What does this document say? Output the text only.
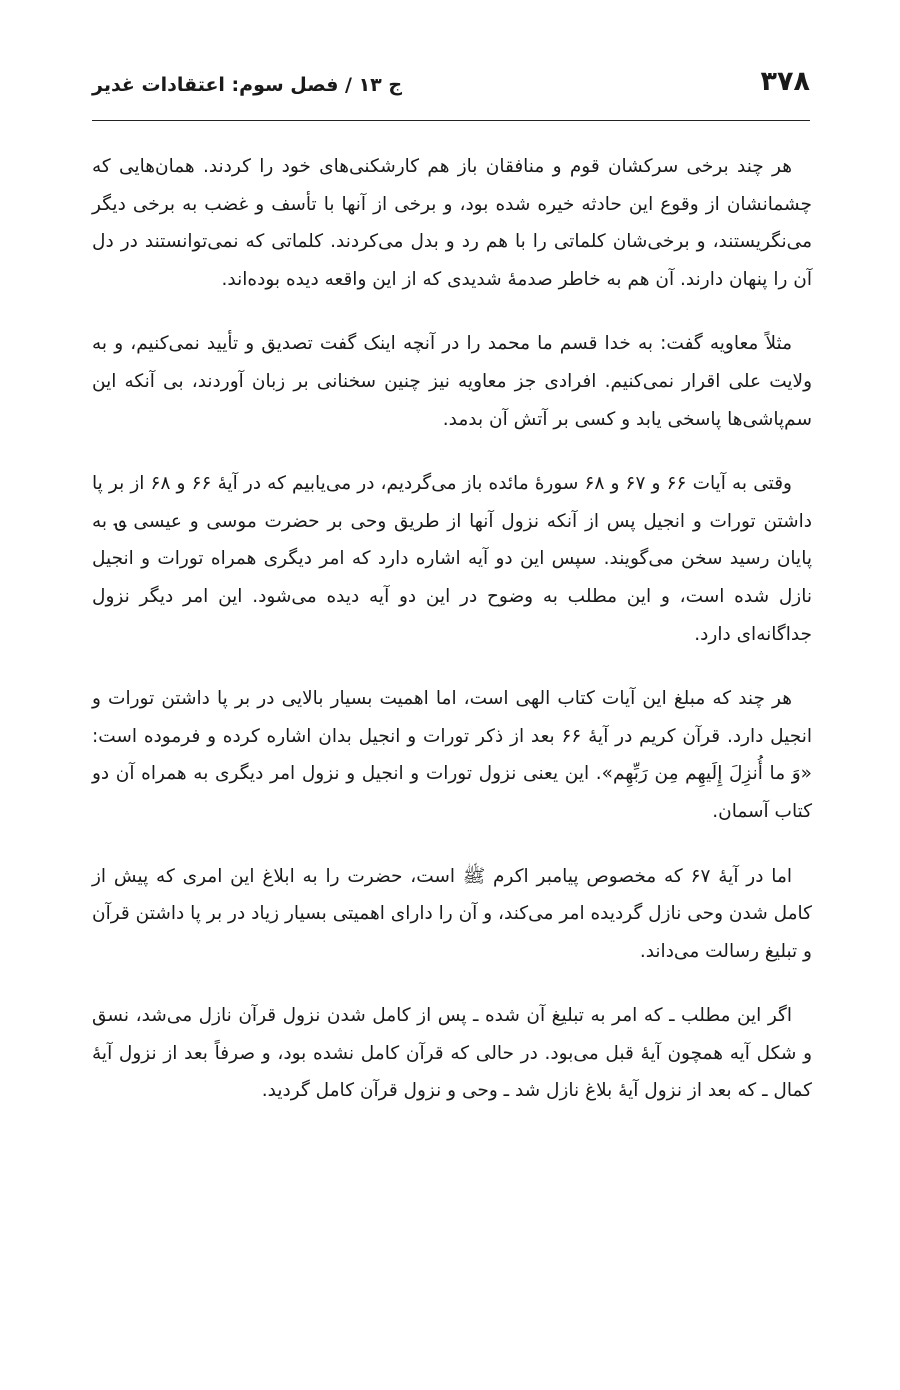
۳۷۸
ج ۱۳ / فصل سوم: اعتقادات غدیر

هر چند برخی سرکشان قوم و منافقان باز هم کارشکنی‌های خود را کردند. همان‌هایی که چشمانشان از وقوع این حادثه خیره شده بود، و برخی از آنها با تأسف و غضب به برخی دیگر می‌نگریستند، و برخی‌شان کلماتی را با هم رد و بدل می‌کردند. کلماتی که نمی‌توانستند در دل آن را پنهان دارند. آن هم به خاطر صدمهٔ شدیدی که از این واقعه دیده بوده‌اند.

مثلاً معاویه گفت: به خدا قسم ما محمد را در آنچه اینک گفت تصدیق و تأیید نمی‌کنیم، و به ولایت علی اقرار نمی‌کنیم. افرادی جز معاویه نیز چنین سخنانی بر زبان آوردند، بی آنکه این سم‌پاشی‌ها پاسخی یابد و کسی بر آتش آن بدمد.

وقتی به آیات ۶۶ و ۶۷ و ۶۸ سورهٔ مائده باز می‌گردیم، در می‌یابیم که در آیهٔ ۶۶ و ۶۸ از بر پا داشتن تورات و انجیل پس از آنکه نزول آنها از طریق وحی بر حضرت موسی و عیسی ؈ به پایان رسید سخن می‌گویند. سپس این دو آیه اشاره دارد که امر دیگری همراه تورات و انجیل نازل شده است، و این مطلب به وضوح در این دو آیه دیده می‌شود. این امر دیگر نزول جداگانه‌ای دارد.

هر چند که مبلغ این آیات کتاب الهی است، اما اهمیت بسیار بالایی در بر پا داشتن تورات و انجیل دارد. قرآن کریم در آیهٔ ۶۶ بعد از ذکر تورات و انجیل بدان اشاره کرده و فرموده است: «وَ ما أُنزِلَ إِلَیهِم مِن رَبِّهِم». این یعنی نزول تورات و انجیل و نزول امر دیگری به همراه آن دو کتاب آسمان.

اما در آیهٔ ۶۷ که مخصوص پیامبر اکرم ﷺ است، حضرت را به ابلاغ این امری که پیش از کامل شدن وحی نازل گردیده امر می‌کند، و آن را دارای اهمیتی بسیار زیاد در بر پا داشتن قرآن و تبلیغ رسالت می‌داند.

اگر این مطلب ـ که امر به تبلیغ آن شده ـ پس از کامل شدن نزول قرآن نازل می‌شد، نسق و شکل آیه همچون آیهٔ قبل می‌بود. در حالی که قرآن کامل نشده بود، و صرفاً بعد از نزول آیهٔ کمال ـ که بعد از نزول آیهٔ بلاغ نازل شد ـ وحی و نزول قرآن کامل گردید.
